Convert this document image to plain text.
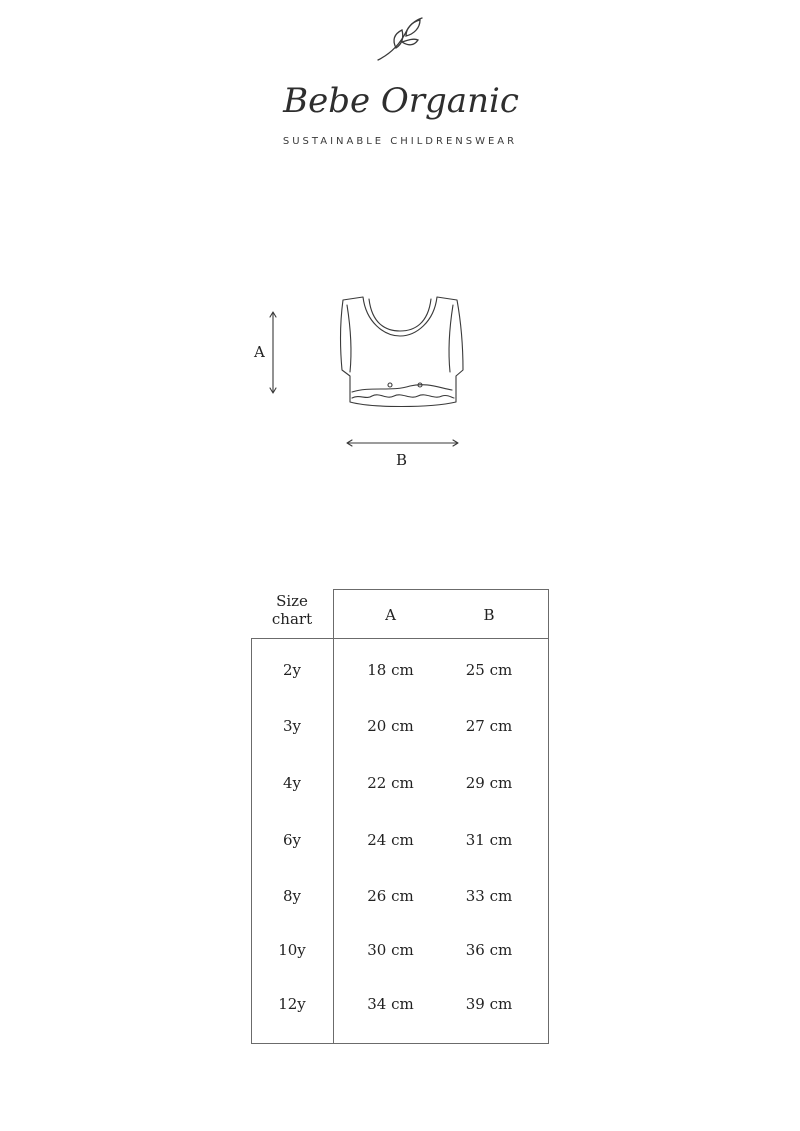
Bebe Organic
SUSTAINABLE CHILDRENSWEAR
A
B
Size
chart	A	B
2y	18 cm	25 cm
3y	20 cm	27 cm
4y	22 cm	29 cm
6y	24 cm	31 cm
8y	26 cm	33 cm
10y	30 cm	36 cm
12y	34 cm	39 cm
